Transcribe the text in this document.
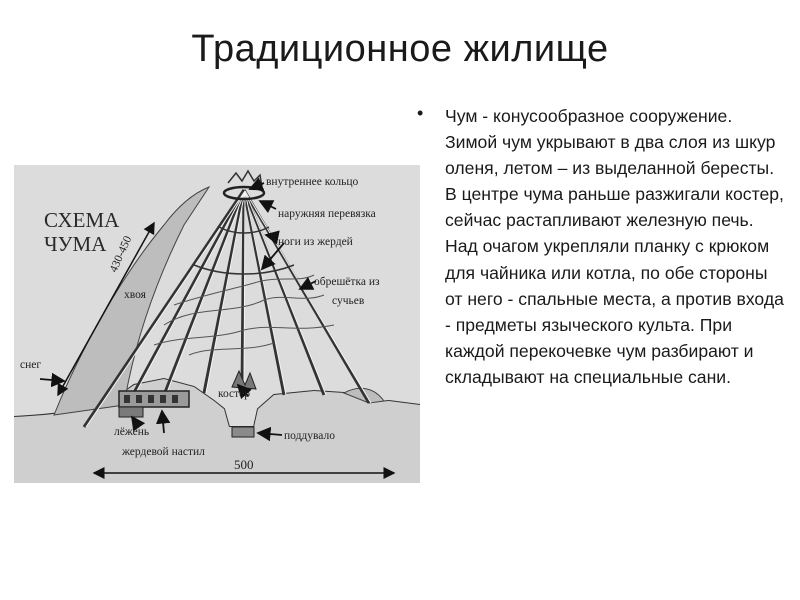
Традиционное жилище
СХЕМА
ЧУМА 430-450
500
внутреннее кольцо
наружняя перевязка
ноги из жердей
обрешётка из
сучьев
хвоя
снег
костёр
лёжень
жердевой настил
поддувало
• Чум - конусообразное сооружение. Зимой чум укрывают в два слоя из шкур оленя, летом – из выделанной бересты. В центре чума раньше разжигали костер, сейчас растапливают железную печь. Над очагом укрепляли планку с крюком для чайника или котла, по обе стороны от него - спальные места, а против входа - предметы языческого культа. При каждой перекочевке чум разбирают и складывают на специальные сани.
